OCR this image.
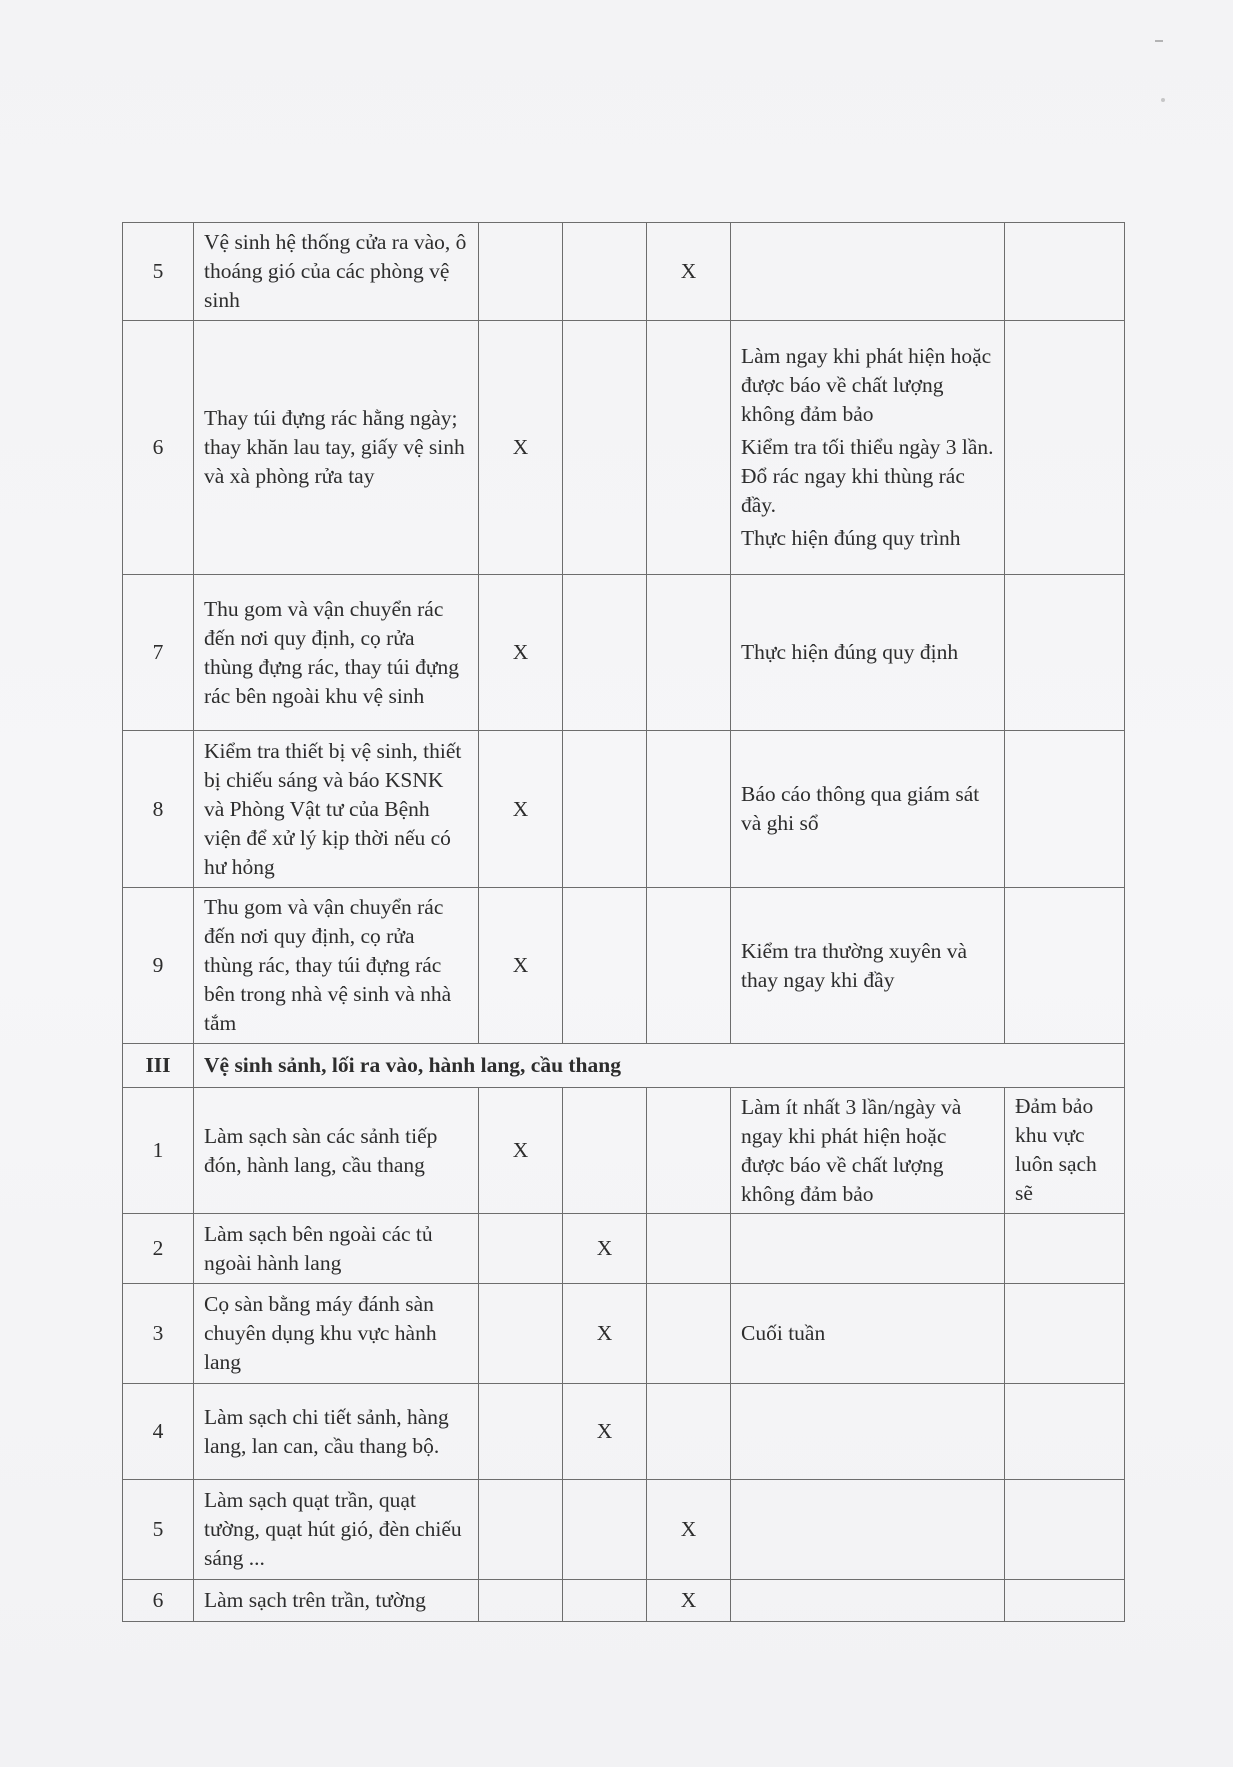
5	Vệ sinh hệ thống cửa ra vào, ô thoáng gió của các phòng vệ sinh			X		
6	Thay túi đựng rác hằng ngày; thay khăn lau tay, giấy vệ sinh và xà phòng rửa tay	X			Làm ngay khi phát hiện hoặc được báo về chất lượng không đảm bảo

Kiểm tra tối thiểu ngày 3 lần. Đổ rác ngay khi thùng rác đầy.

Thực hiện đúng quy trình	

7	Thu gom và vận chuyển rác đến nơi quy định, cọ rửa thùng đựng rác, thay túi đựng rác bên ngoài khu vệ sinh	X			Thực hiện đúng quy định	

8	Kiểm tra thiết bị vệ sinh, thiết bị chiếu sáng và báo KSNK và Phòng Vật tư của Bệnh viện để xử lý kịp thời nếu có hư hỏng	X			Báo cáo thông qua giám sát và ghi sổ	

9	Thu gom và vận chuyển rác đến nơi quy định, cọ rửa thùng rác, thay túi đựng rác bên trong nhà vệ sinh và nhà tắm	X			Kiểm tra thường xuyên và thay ngay khi đầy	

III	Vệ sinh sảnh, lối ra vào, hành lang, cầu thang					
1	Làm sạch sàn các sảnh tiếp đón, hành lang, cầu thang	X			Làm ít nhất 3 lần/ngày và ngay khi phát hiện hoặc được báo về chất lượng không đảm bảo	Đảm bảo khu vực luôn sạch sẽ
2	Làm sạch bên ngoài các tủ ngoài hành lang		X			
3	Cọ sàn bằng máy đánh sàn chuyên dụng khu vực hành lang		X		Cuối tuần	

4	Làm sạch chi tiết sảnh, hàng lang, lan can, cầu thang bộ.		X			
5	Làm sạch quạt trần, quạt tường, quạt hút gió, đèn chiếu sáng ...			X		
6	Làm sạch trên trần, tường			X		
